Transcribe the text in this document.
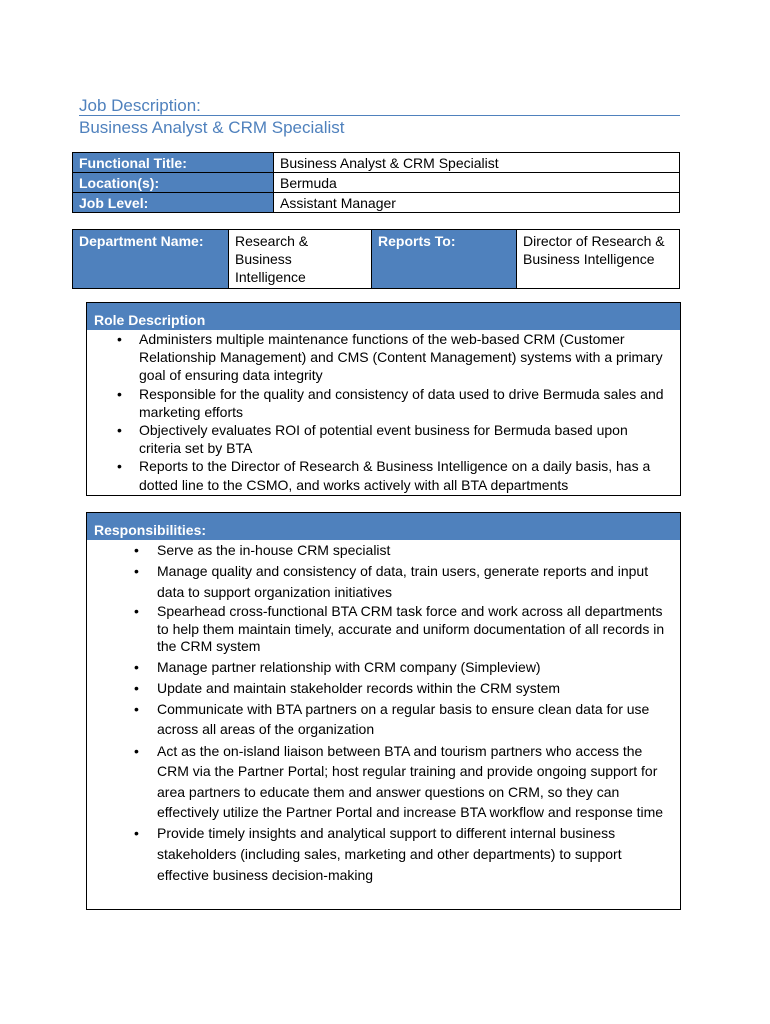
Job Description:
Business Analyst & CRM Specialist
Functional Title:	Business Analyst & CRM Specialist
Location(s):	Bermuda
Job Level:	Assistant Manager
Department Name:	Research & Business Intelligence	Reports To:	Director of Research & Business Intelligence
Role Description
• Administers multiple maintenance functions of the web-based CRM (Customer Relationship Management) and CMS (Content Management) systems with a primary goal of ensuring data integrity
• Responsible for the quality and consistency of data used to drive Bermuda sales and marketing efforts
• Objectively evaluates ROI of potential event business for Bermuda based upon criteria set by BTA
• Reports to the Director of Research & Business Intelligence on a daily basis, has a dotted line to the CSMO, and works actively with all BTA departments
Responsibilities:
• Serve as the in-house CRM specialist
• Manage quality and consistency of data, train users, generate reports and input data to support organization initiatives
• Spearhead cross-functional BTA CRM task force and work across all departments to help them maintain timely, accurate and uniform documentation of all records in the CRM system
• Manage partner relationship with CRM company (Simpleview)
• Update and maintain stakeholder records within the CRM system
• Communicate with BTA partners on a regular basis to ensure clean data for use across all areas of the organization
• Act as the on-island liaison between BTA and tourism partners who access the CRM via the Partner Portal; host regular training and provide ongoing support for area partners to educate them and answer questions on CRM, so they can effectively utilize the Partner Portal and increase BTA workflow and response time
• Provide timely insights and analytical support to different internal business stakeholders (including sales, marketing and other departments) to support effective business decision-making
